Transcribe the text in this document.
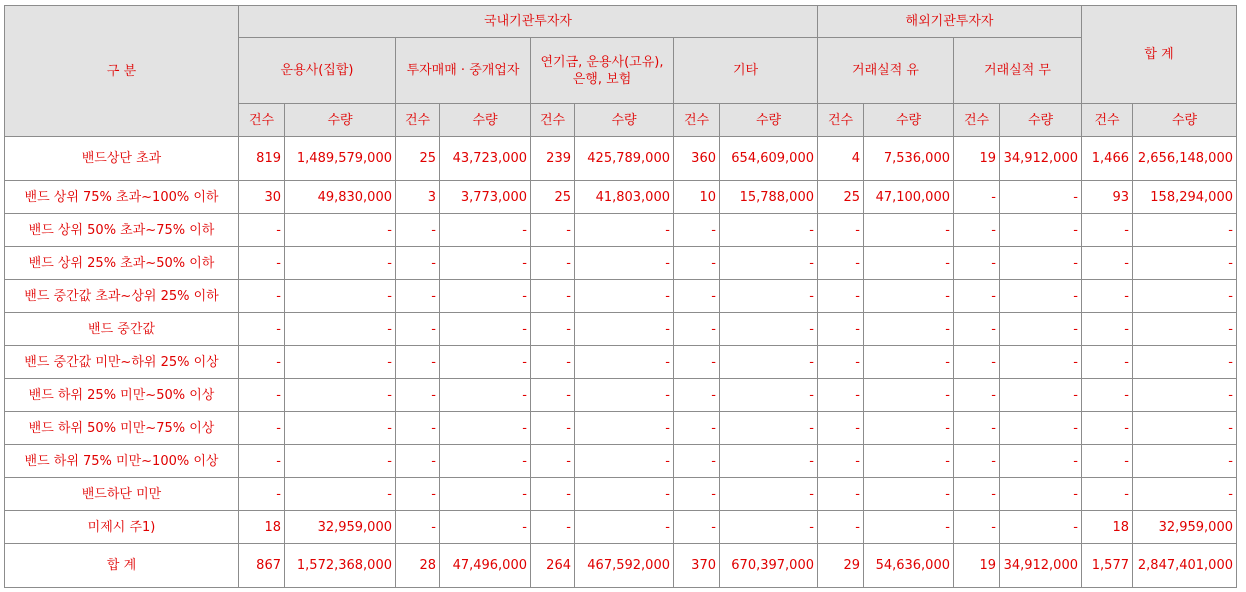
구 분	국내기관투자자								해외기관투자자				합 계	
	운용사(집합)		투자매매 · 중개업자		연기금, 운용사(고유), 은행, 보험		기타		거래실적 유		거래실적 무			
	건수	수량	건수	수량	건수	수량	건수	수량	건수	수량	건수	수량	건수	수량
밴드상단 초과	819	1,489,579,000	25	43,723,000	239	425,789,000	360	654,609,000	4	7,536,000	19	34,912,000	1,466	2,656,148,000
밴드 상위 75% 초과~100% 이하	30	49,830,000	3	3,773,000	25	41,803,000	10	15,788,000	25	47,100,000	-	-	93	158,294,000
밴드 상위 50% 초과~75% 이하	-	-	-	-	-	-	-	-	-	-	-	-	-	-
밴드 상위 25% 초과~50% 이하	-	-	-	-	-	-	-	-	-	-	-	-	-	-
밴드 중간값 초과~상위 25% 이하	-	-	-	-	-	-	-	-	-	-	-	-	-	-
밴드 중간값	-	-	-	-	-	-	-	-	-	-	-	-	-	-
밴드 중간값 미만~하위 25% 이상	-	-	-	-	-	-	-	-	-	-	-	-	-	-
밴드 하위 25% 미만~50% 이상	-	-	-	-	-	-	-	-	-	-	-	-	-	-
밴드 하위 50% 미만~75% 이상	-	-	-	-	-	-	-	-	-	-	-	-	-	-
밴드 하위 75% 미만~100% 이상	-	-	-	-	-	-	-	-	-	-	-	-	-	-
밴드하단 미만	-	-	-	-	-	-	-	-	-	-	-	-	-	-
미제시 주1)	18	32,959,000	-	-	-	-	-	-	-	-	-	-	18	32,959,000
합 계	867	1,572,368,000	28	47,496,000	264	467,592,000	370	670,397,000	29	54,636,000	19	34,912,000	1,577	2,847,401,000
